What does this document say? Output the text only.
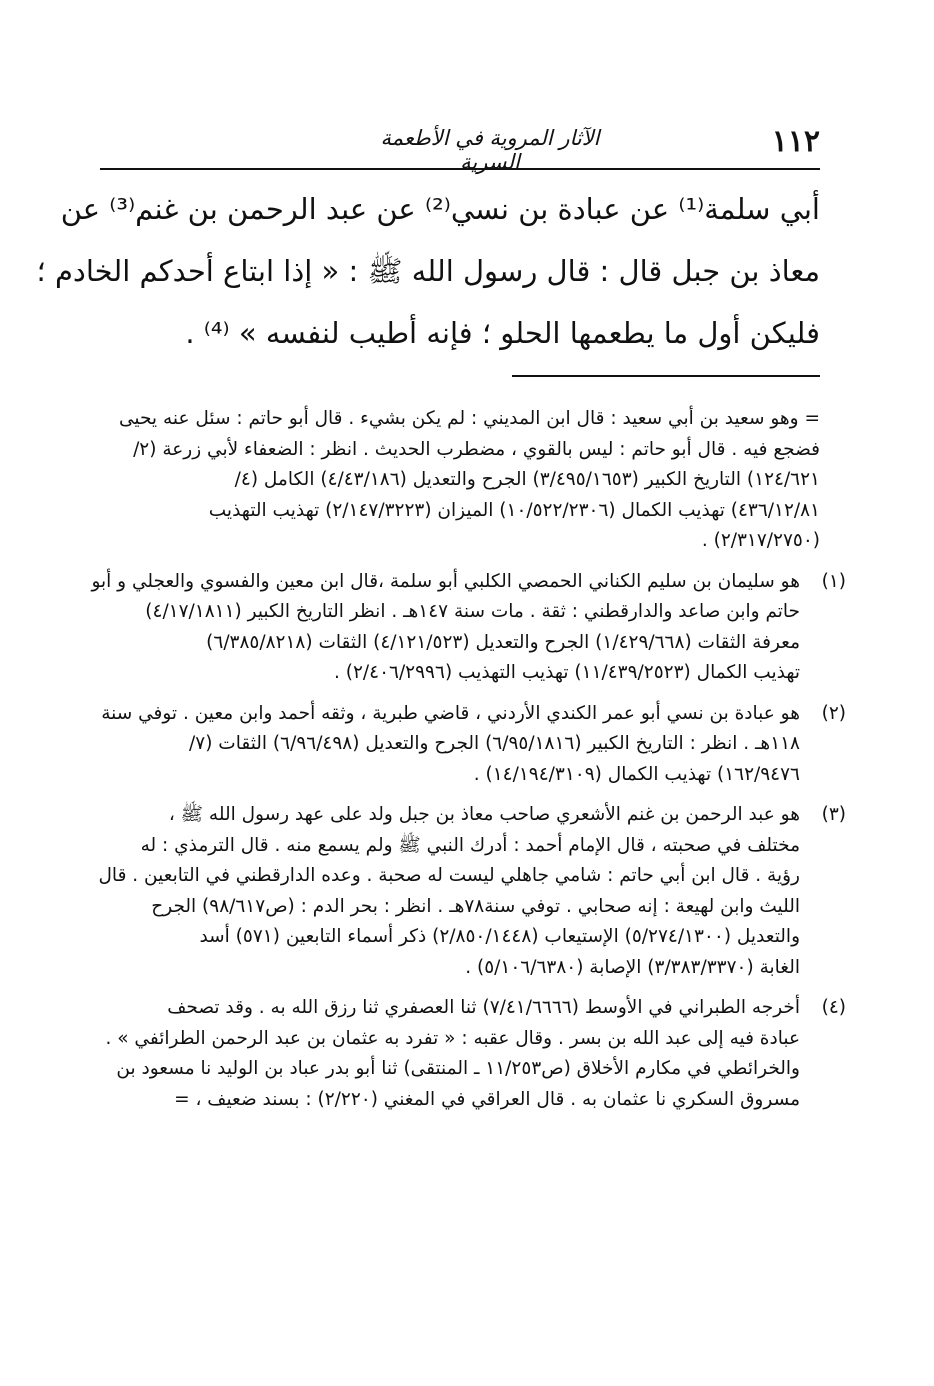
١١٢
الآثار المروية في الأطعمة السرية
أبي سلمة⁽¹⁾ عن عبادة بن نسي⁽²⁾ عن عبد الرحمن بن غنم⁽³⁾ عن
معاذ بن جبل قال : قال رسول الله ﷺ : « إذا ابتاع أحدكم الخادم ؛
فليكن أول ما يطعمها الحلو ؛ فإنه أطيب لنفسه » ⁽⁴⁾ .
= وهو سعيد بن أبي سعيد : قال ابن المديني : لم يكن بشيء . قال أبو حاتم : سئل عنه يحيى
فضجع فيه . قال أبو حاتم : ليس بالقوي ، مضطرب الحديث . انظر : الضعفاء لأبي زرعة (٢/
١٢٤/٦٢١) التاريخ الكبير (٣/٤٩٥/١٦٥٣) الجرح والتعديل (٤/٤٣/١٨٦) الكامل (٤/
٤٣٦/١٢/٨١) تهذيب الكمال (١٠/٥٢٢/٢٣٠٦) الميزان (٢/١٤٧/٣٢٢٣) تهذيب التهذيب
(٢/٣١٧/٢٧٥٠) .
(١)
هو سليمان بن سليم الكناني الحمصي الكلبي أبو سلمة ،قال ابن معين والفسوي والعجلي و أبو
حاتم وابن صاعد والدارقطني : ثقة . مات سنة ١٤٧هـ . انظر التاريخ الكبير (٤/١٧/١٨١١)
معرفة الثقات (١/٤٢٩/٦٦٨) الجرح والتعديل (٤/١٢١/٥٢٣) الثقات (٦/٣٨٥/٨٢١٨)
تهذيب الكمال (١١/٤٣٩/٢٥٢٣) تهذيب التهذيب (٢/٤٠٦/٢٩٩٦) .
(٢)
هو عبادة بن نسي أبو عمر الكندي الأردني ، قاضي طبرية ، وثقه أحمد وابن معين . توفي سنة
١١٨هـ . انظر : التاريخ الكبير (٦/٩٥/١٨١٦) الجرح والتعديل (٦/٩٦/٤٩٨) الثقات (٧/
١٦٢/٩٤٧٦) تهذيب الكمال (١٤/١٩٤/٣١٠٩) .
(٣)
هو عبد الرحمن بن غنم الأشعري صاحب معاذ بن جبل ولد على عهد رسول الله ﷺ ،
مختلف في صحبته ، قال الإمام أحمد : أدرك النبي ﷺ ولم يسمع منه . قال الترمذي : له
رؤية . قال ابن أبي حاتم : شامي جاهلي ليست له صحبة . وعده الدارقطني في التابعين . قال
الليث وابن لهيعة : إنه صحابي . توفي سنة٧٨هـ . انظر : بحر الدم : (ص٩٨/٦١٧) الجرح
والتعديل (٥/٢٧٤/١٣٠٠) الإستيعاب (٢/٨٥٠/١٤٤٨) ذكر أسماء التابعين (٥٧١) أسد
الغابة (٣/٣٨٣/٣٣٧٠) الإصابة (٥/١٠٦/٦٣٨٠) .
(٤)
أخرجه الطبراني في الأوسط (٧/٤١/٦٦٦٦) ثنا العصفري ثنا رزق الله به . وقد تصحف
عبادة فيه إلى عبد الله بن بسر . وقال عقبه : « تفرد به عثمان بن عبد الرحمن الطرائفي » .
والخرائطي في مكارم الأخلاق (ص١١/٢٥٣ ـ المنتقى) ثنا أبو بدر عباد بن الوليد نا مسعود بن
مسروق السكري نا عثمان به . قال العراقي في المغني (٢/٢٢٠) : بسند ضعيف ، =
